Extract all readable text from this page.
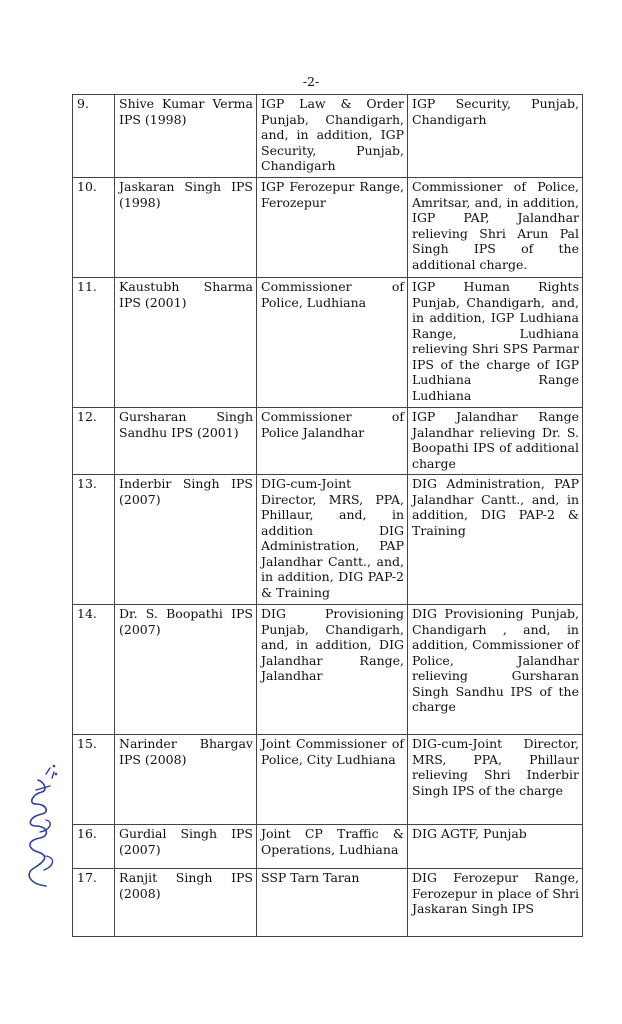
-2-
9.	Shive Kumar Verma IPS (1998)	IGP Law & Order Punjab, Chandigarh, and, in addition, IGP Security, Punjab, Chandigarh	IGP Security, Punjab, Chandigarh
10.	Jaskaran Singh IPS (1998)	IGP Ferozepur Range, Ferozepur	Commissioner of Police, Amritsar, and, in addition, IGP PAP, Jalandhar relieving Shri Arun Pal Singh IPS of the additional charge.
11.	Kaustubh Sharma IPS (2001)	Commissioner of Police, Ludhiana	IGP Human Rights Punjab, Chandigarh, and, in addition, IGP Ludhiana Range, Ludhiana relieving Shri SPS Parmar IPS of the charge of IGP Ludhiana Range Ludhiana
12.	Gursharan Singh Sandhu IPS (2001)	Commissioner of Police Jalandhar	IGP Jalandhar Range Jalandhar relieving Dr. S. Boopathi IPS of additional charge
13.	Inderbir Singh IPS (2007)	DIG-cum-Joint Director, MRS, PPA, Phillaur, and, in addition DIG Administration, PAP Jalandhar Cantt., and, in addition, DIG PAP-2 & Training	DIG Administration, PAP Jalandhar Cantt., and, in addition, DIG PAP-2 & Training
14.	Dr. S. Boopathi IPS (2007)	DIG Provisioning Punjab, Chandigarh, and, in addition, DIG Jalandhar Range, Jalandhar	DIG Provisioning Punjab, Chandigarh , and, in addition, Commissioner of Police, Jalandhar relieving Gursharan Singh Sandhu IPS of the charge
15.	Narinder Bhargav IPS (2008)	Joint Commissioner of Police, City Ludhiana	DIG-cum-Joint Director, MRS, PPA, Phillaur relieving Shri Inderbir Singh IPS of the charge
16.	Gurdial Singh IPS (2007)	Joint CP Traffic & Operations, Ludhiana	DIG AGTF, Punjab
17.	Ranjit Singh IPS (2008)	SSP Tarn Taran	DIG Ferozepur Range, Ferozepur in place of Shri Jaskaran Singh IPS
